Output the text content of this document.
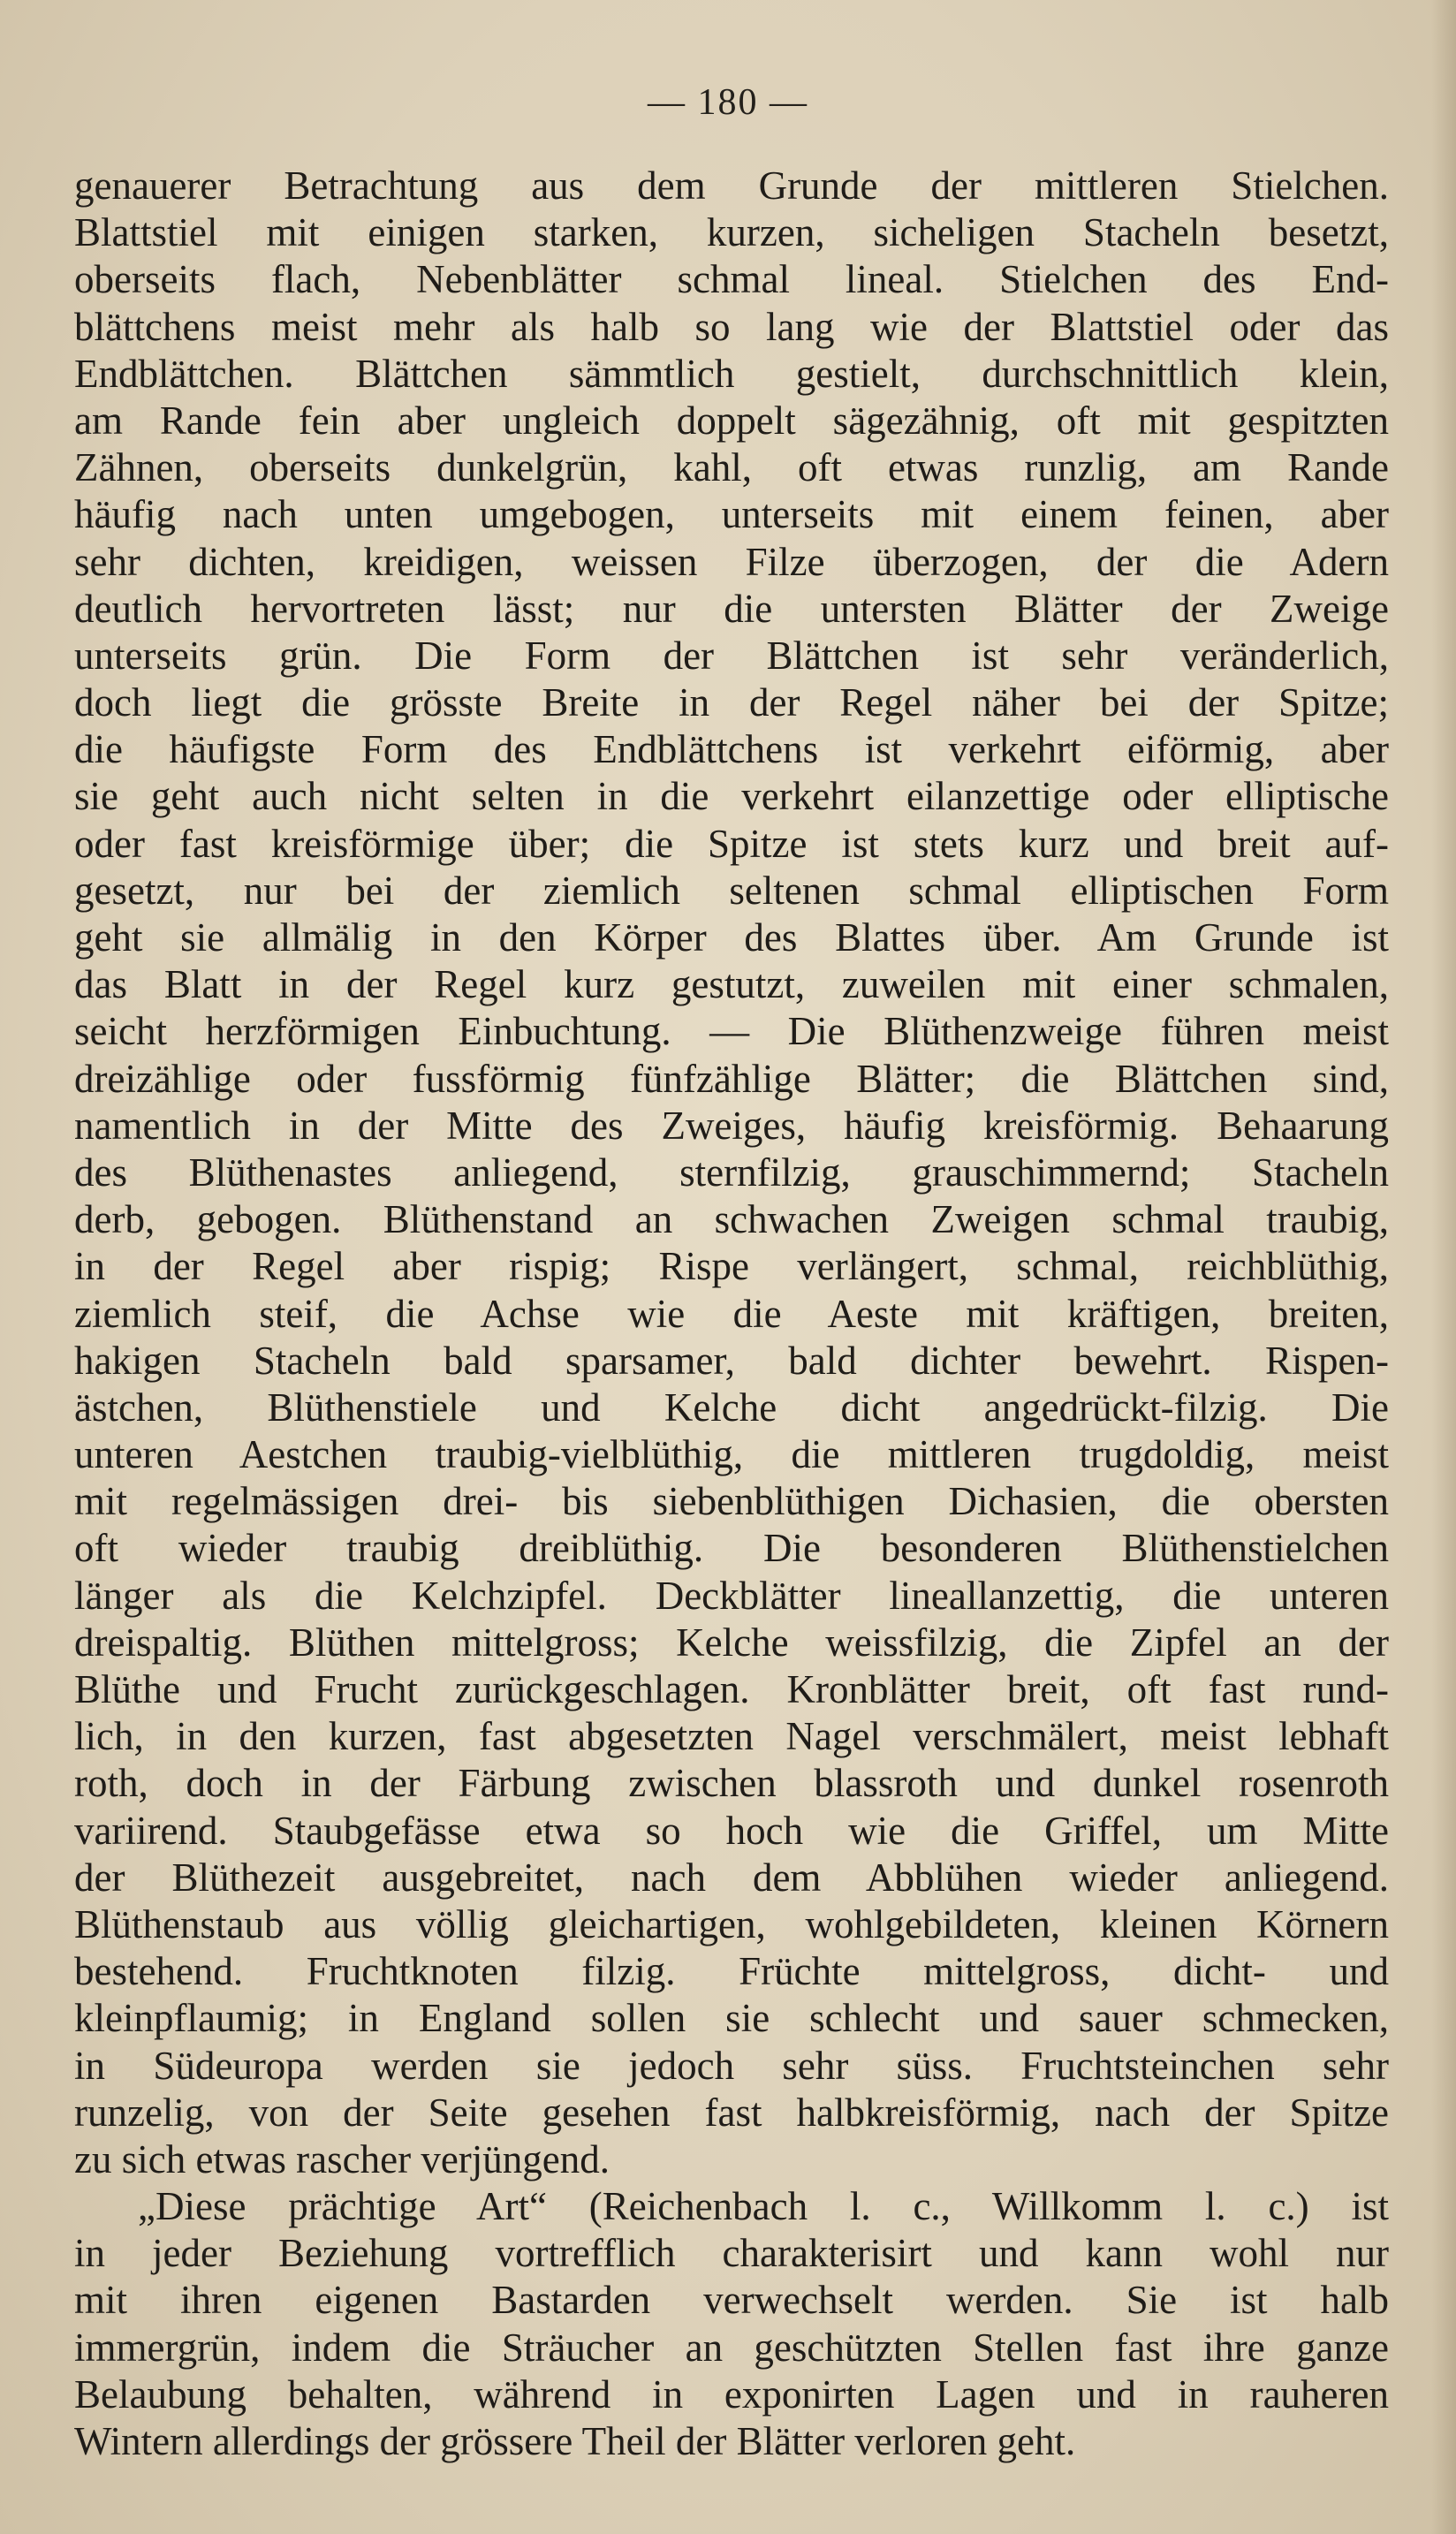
— 180 —
genauerer Betrachtung aus dem Grunde der mittleren Stielchen.
Blattstiel mit einigen starken, kurzen, sicheligen Stacheln besetzt,
oberseits flach, Nebenblätter schmal lineal. Stielchen des End-
blättchens meist mehr als halb so lang wie der Blattstiel oder das
Endblättchen. Blättchen sämmtlich gestielt, durchschnittlich klein,
am Rande fein aber ungleich doppelt sägezähnig, oft mit gespitzten
Zähnen, oberseits dunkelgrün, kahl, oft etwas runzlig, am Rande
häufig nach unten umgebogen, unterseits mit einem feinen, aber
sehr dichten, kreidigen, weissen Filze überzogen, der die Adern
deutlich hervortreten lässt; nur die untersten Blätter der Zweige
unterseits grün. Die Form der Blättchen ist sehr veränderlich,
doch liegt die grösste Breite in der Regel näher bei der Spitze;
die häufigste Form des Endblättchens ist verkehrt eiförmig, aber
sie geht auch nicht selten in die verkehrt eilanzettige oder elliptische
oder fast kreisförmige über; die Spitze ist stets kurz und breit auf-
gesetzt, nur bei der ziemlich seltenen schmal elliptischen Form
geht sie allmälig in den Körper des Blattes über. Am Grunde ist
das Blatt in der Regel kurz gestutzt, zuweilen mit einer schmalen,
seicht herzförmigen Einbuchtung. — Die Blüthenzweige führen meist
dreizählige oder fussförmig fünfzählige Blätter; die Blättchen sind,
namentlich in der Mitte des Zweiges, häufig kreisförmig. Behaarung
des Blüthenastes anliegend, sternfilzig, grauschimmernd; Stacheln
derb, gebogen. Blüthenstand an schwachen Zweigen schmal traubig,
in der Regel aber rispig; Rispe verlängert, schmal, reichblüthig,
ziemlich steif, die Achse wie die Aeste mit kräftigen, breiten,
hakigen Stacheln bald sparsamer, bald dichter bewehrt. Rispen-
ästchen, Blüthenstiele und Kelche dicht angedrückt-filzig. Die
unteren Aestchen traubig-vielblüthig, die mittleren trugdoldig, meist
mit regelmässigen drei- bis siebenblüthigen Dichasien, die obersten
oft wieder traubig dreiblüthig. Die besonderen Blüthenstielchen
länger als die Kelchzipfel. Deckblätter lineallanzettig, die unteren
dreispaltig. Blüthen mittelgross; Kelche weissfilzig, die Zipfel an der
Blüthe und Frucht zurückgeschlagen. Kronblätter breit, oft fast rund-
lich, in den kurzen, fast abgesetzten Nagel verschmälert, meist lebhaft
roth, doch in der Färbung zwischen blassroth und dunkel rosenroth
variirend. Staubgefässe etwa so hoch wie die Griffel, um Mitte
der Blüthezeit ausgebreitet, nach dem Abblühen wieder anliegend.
Blüthenstaub aus völlig gleichartigen, wohlgebildeten, kleinen Körnern
bestehend. Fruchtknoten filzig. Früchte mittelgross, dicht- und
kleinpflaumig; in England sollen sie schlecht und sauer schmecken,
in Südeuropa werden sie jedoch sehr süss. Fruchtsteinchen sehr
runzelig, von der Seite gesehen fast halbkreisförmig, nach der Spitze
zu sich etwas rascher verjüngend.
„Diese prächtige Art“ (Reichenbach l. c., Willkomm l. c.) ist
in jeder Beziehung vortrefflich charakterisirt und kann wohl nur
mit ihren eigenen Bastarden verwechselt werden. Sie ist halb
immergrün, indem die Sträucher an geschützten Stellen fast ihre ganze
Belaubung behalten, während in exponirten Lagen und in rauheren
Wintern allerdings der grössere Theil der Blätter verloren geht.
